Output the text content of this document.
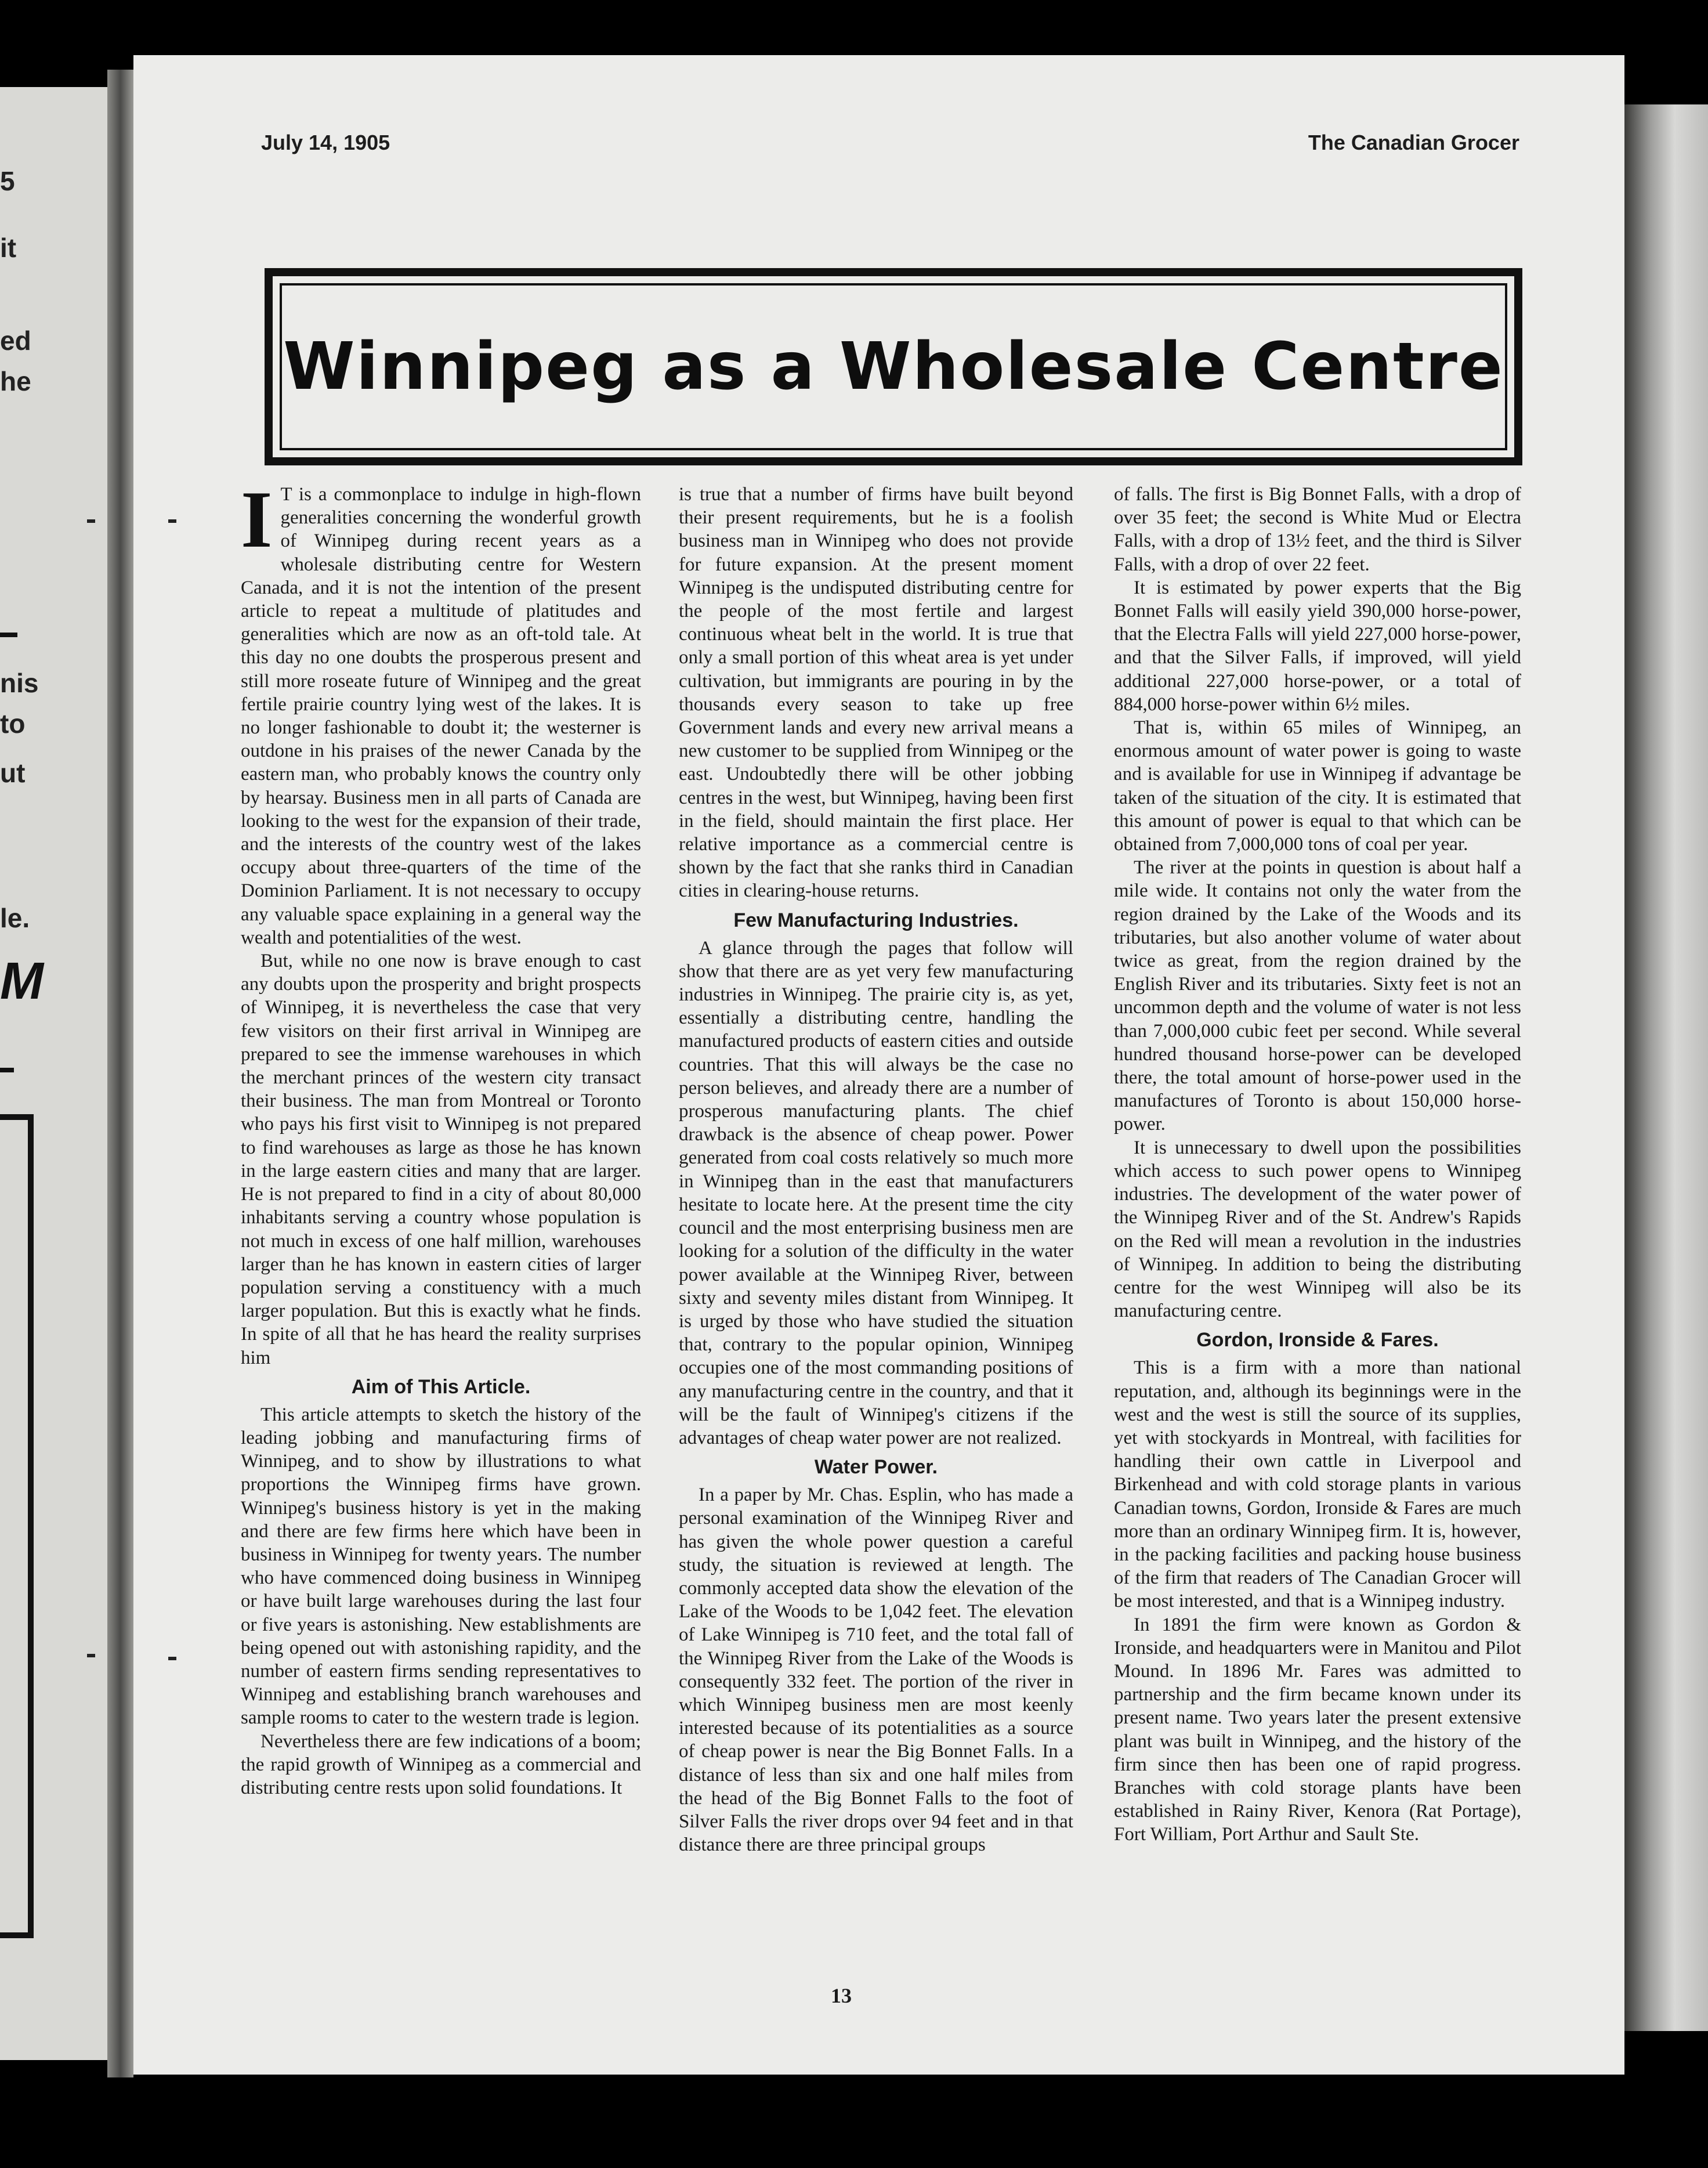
5
it
ed
he
nis
to
ut
le.
M
July 14, 1905	The Canadian Grocer
Winnipeg as a Wholesale Centre

I T is a commonplace to indulge in high-flown generalities concerning the wonderful growth of Winnipeg during recent years as a wholesale distributing centre for Western Canada, and it is not the intention of the present article to repeat a multitude of platitudes and generalities which are now as an oft-told tale. At this day no one doubts the prosperous present and still more roseate future of Winnipeg and the great fertile prairie country lying west of the lakes. It is no longer fashionable to doubt it; the westerner is outdone in his praises of the newer Canada by the eastern man, who probably knows the country only by hearsay. Business men in all parts of Canada are looking to the west for the expansion of their trade, and the interests of the country west of the lakes occupy about three-quarters of the time of the Dominion Parliament. It is not necessary to occupy any valuable space explaining in a general way the wealth and potentialities of the west.

But, while no one now is brave enough to cast any doubts upon the prosperity and bright prospects of Winnipeg, it is nevertheless the case that very few visitors on their first arrival in Winnipeg are prepared to see the immense warehouses in which the merchant princes of the western city transact their business. The man from Montreal or Toronto who pays his first visit to Winnipeg is not prepared to find warehouses as large as those he has known in the large eastern cities and many that are larger. He is not prepared to find in a city of about 80,000 inhabitants serving a country whose population is not much in excess of one half million, warehouses larger than he has known in eastern cities of larger population serving a constituency with a much larger population. But this is exactly what he finds. In spite of all that he has heard the reality surprises him

Aim of This Article.

This article attempts to sketch the history of the leading jobbing and manufacturing firms of Winnipeg, and to show by illustrations to what proportions the Winnipeg firms have grown. Winnipeg's business history is yet in the making and there are few firms here which have been in business in Winnipeg for twenty years. The number who have commenced doing business in Winnipeg or have built large warehouses during the last four or five years is astonishing. New establishments are being opened out with astonishing rapidity, and the number of eastern firms sending representatives to Winnipeg and establishing branch warehouses and sample rooms to cater to the western trade is legion.

Nevertheless there are few indications of a boom; the rapid growth of Winnipeg as a commercial and distributing centre rests upon solid foundations. It

is true that a number of firms have built beyond their present requirements, but he is a foolish business man in Winnipeg who does not provide for future expansion. At the present moment Winnipeg is the undisputed distributing centre for the people of the most fertile and largest continuous wheat belt in the world. It is true that only a small portion of this wheat area is yet under cultivation, but immigrants are pouring in by the thousands every season to take up free Government lands and every new arrival means a new customer to be supplied from Winnipeg or the east. Undoubtedly there will be other jobbing centres in the west, but Winnipeg, having been first in the field, should maintain the first place. Her relative importance as a commercial centre is shown by the fact that she ranks third in Canadian cities in clearing-house returns.

Few Manufacturing Industries.

A glance through the pages that follow will show that there are as yet very few manufacturing industries in Winnipeg. The prairie city is, as yet, essentially a distributing centre, handling the manufactured products of eastern cities and outside countries. That this will always be the case no person believes, and already there are a number of prosperous manufacturing plants. The chief drawback is the absence of cheap power. Power generated from coal costs relatively so much more in Winnipeg than in the east that manufacturers hesitate to locate here. At the present time the city council and the most enterprising business men are looking for a solution of the difficulty in the water power available at the Winnipeg River, between sixty and seventy miles distant from Winnipeg. It is urged by those who have studied the situation that, contrary to the popular opinion, Winnipeg occupies one of the most commanding positions of any manufacturing centre in the country, and that it will be the fault of Winnipeg's citizens if the advantages of cheap water power are not realized.

Water Power.

In a paper by Mr. Chas. Esplin, who has made a personal examination of the Winnipeg River and has given the whole power question a careful study, the situation is reviewed at length. The commonly accepted data show the elevation of the Lake of the Woods to be 1,042 feet. The elevation of Lake Winnipeg is 710 feet, and the total fall of the Winnipeg River from the Lake of the Woods is consequently 332 feet. The portion of the river in which Winnipeg business men are most keenly interested because of its potentialities as a source of cheap power is near the Big Bonnet Falls. In a distance of less than six and one half miles from the head of the Big Bonnet Falls to the foot of Silver Falls the river drops over 94 feet and in that distance there are three principal groups

of falls. The first is Big Bonnet Falls, with a drop of over 35 feet; the second is White Mud or Electra Falls, with a drop of 13½ feet, and the third is Silver Falls, with a drop of over 22 feet.

It is estimated by power experts that the Big Bonnet Falls will easily yield 390,000 horse-power, that the Electra Falls will yield 227,000 horse-power, and that the Silver Falls, if improved, will yield additional 227,000 horse-power, or a total of 884,000 horse-power within 6½ miles.

That is, within 65 miles of Winnipeg, an enormous amount of water power is going to waste and is available for use in Winnipeg if advantage be taken of the situation of the city. It is estimated that this amount of power is equal to that which can be obtained from 7,000,000 tons of coal per year.

The river at the points in question is about half a mile wide. It contains not only the water from the region drained by the Lake of the Woods and its tributaries, but also another volume of water about twice as great, from the region drained by the English River and its tributaries. Sixty feet is not an uncommon depth and the volume of water is not less than 7,000,000 cubic feet per second. While several hundred thousand horse-power can be developed there, the total amount of horse-power used in the manufactures of Toronto is about 150,000 horse-power.

It is unnecessary to dwell upon the possibilities which access to such power opens to Winnipeg industries. The development of the water power of the Winnipeg River and of the St. Andrew's Rapids on the Red will mean a revolution in the industries of Winnipeg. In addition to being the distributing centre for the west Winnipeg will also be its manufacturing centre.

Gordon, Ironside & Fares.

This is a firm with a more than national reputation, and, although its beginnings were in the west and the west is still the source of its supplies, yet with stockyards in Montreal, with facilities for handling their own cattle in Liverpool and Birkenhead and with cold storage plants in various Canadian towns, Gordon, Ironside & Fares are much more than an ordinary Winnipeg firm. It is, however, in the packing facilities and packing house business of the firm that readers of The Canadian Grocer will be most interested, and that is a Winnipeg industry.

In 1891 the firm were known as Gordon & Ironside, and headquarters were in Manitou and Pilot Mound. In 1896 Mr. Fares was admitted to partnership and the firm became known under its present name. Two years later the present extensive plant was built in Winnipeg, and the history of the firm since then has been one of rapid progress. Branches with cold storage plants have been established in Rainy River, Kenora (Rat Portage), Fort William, Port Arthur and Sault Ste.

13
